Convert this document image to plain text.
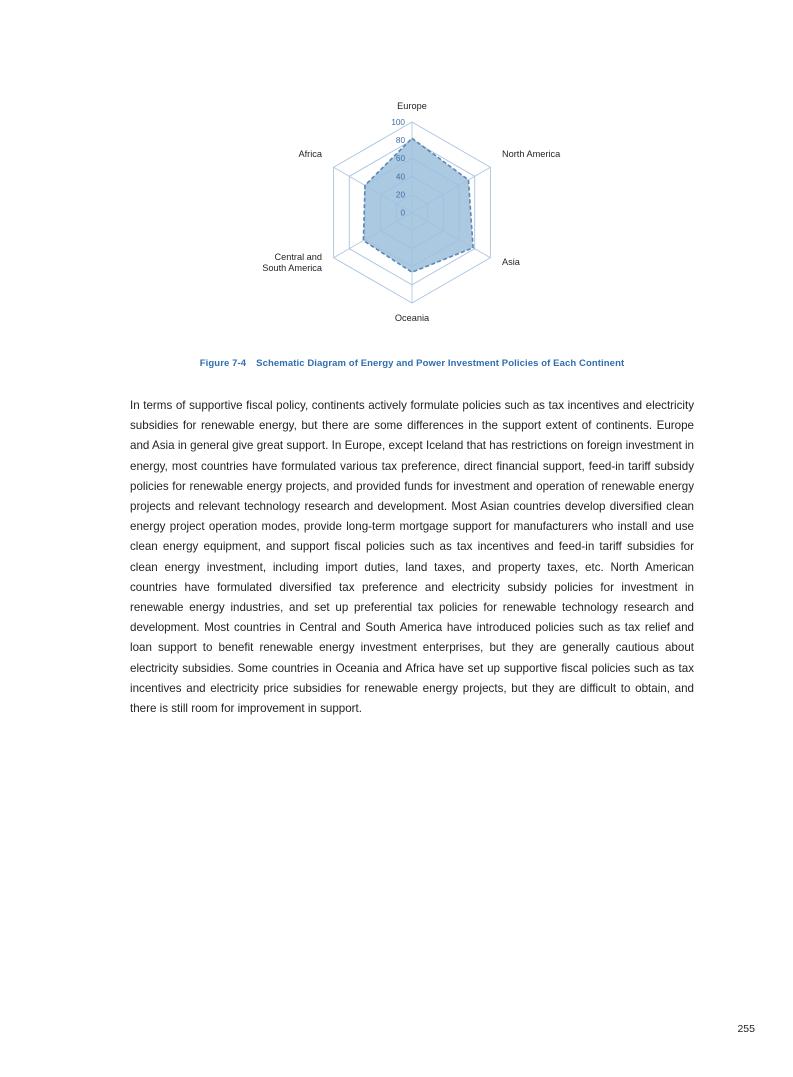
100
80
60
40
20
0
Europe
North America
Asia
Oceania
Central and
South America
Africa
Figure 7-4 Schematic Diagram of Energy and Power Investment Policies of Each Continent

In terms of supportive fiscal policy, continents actively formulate policies such as tax incentives and electricity subsidies for renewable energy, but there are some differences in the support extent of continents. Europe and Asia in general give great support. In Europe, except Iceland that has restrictions on foreign investment in energy, most countries have formulated various tax preference, direct financial support, feed-in tariff subsidy policies for renewable energy projects, and provided funds for investment and operation of renewable energy projects and relevant technology research and development. Most Asian countries develop diversified clean energy project operation modes, provide long-term mortgage support for manufacturers who install and use clean energy equipment, and support fiscal policies such as tax incentives and feed-in tariff subsidies for clean energy investment, including import duties, land taxes, and property taxes, etc. North American countries have formulated diversified tax preference and electricity subsidy policies for investment in renewable energy industries, and set up preferential tax policies for renewable technology research and development. Most countries in Central and South America have introduced policies such as tax relief and loan support to benefit renewable energy investment enterprises, but they are generally cautious about electricity subsidies. Some countries in Oceania and Africa have set up supportive fiscal policies such as tax incentives and electricity price subsidies for renewable energy projects, but they are difficult to obtain, and there is still room for improvement in support.

255
